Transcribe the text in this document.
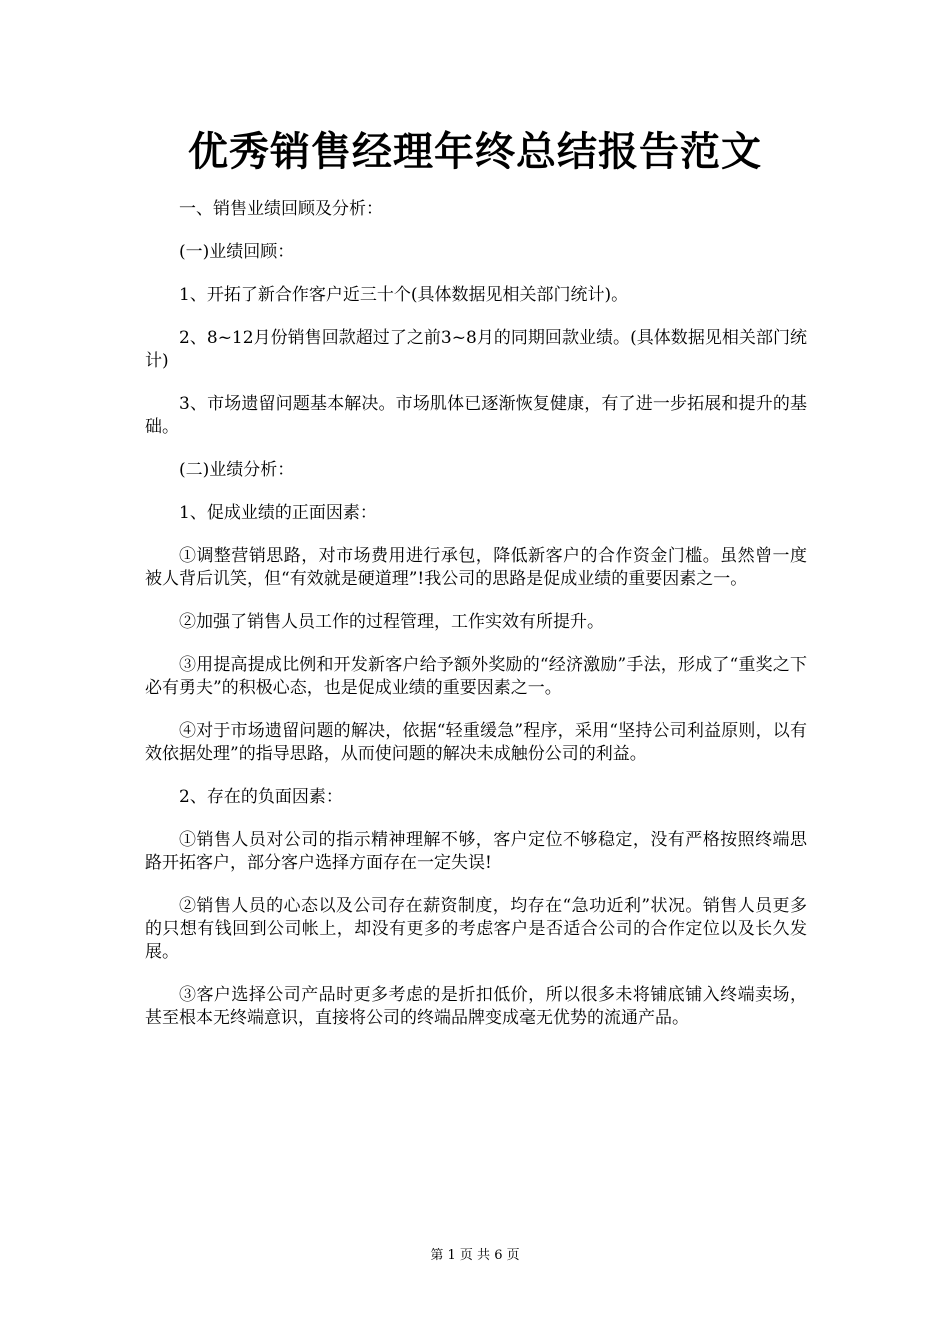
优秀销售经理年终总结报告范文

一、销售业绩回顾及分析：

(一)业绩回顾：

1、开拓了新合作客户近三十个(具体数据见相关部门统计)。

2、8~12月份销售回款超过了之前3~8月的同期回款业绩。(具体数据见相关部门统计)

3、市场遗留问题基本解决。市场肌体已逐渐恢复健康，有了进一步拓展和提升的基础。

(二)业绩分析：

1、促成业绩的正面因素：

①调整营销思路，对市场费用进行承包，降低新客户的合作资金门槛。虽然曾一度被人背后讥笑，但“有效就是硬道理”!我公司的思路是促成业绩的重要因素之一。

②加强了销售人员工作的过程管理，工作实效有所提升。

③用提高提成比例和开发新客户给予额外奖励的“经济激励”手法，形成了“重奖之下必有勇夫”的积极心态，也是促成业绩的重要因素之一。

④对于市场遗留问题的解决，依据“轻重缓急”程序，采用“坚持公司利益原则，以有效依据处理”的指导思路，从而使问题的解决未成触份公司的利益。

2、存在的负面因素：

①销售人员对公司的指示精神理解不够，客户定位不够稳定，没有严格按照终端思路开拓客户，部分客户选择方面存在一定失误!

②销售人员的心态以及公司存在薪资制度，均存在“急功近利”状况。销售人员更多的只想有钱回到公司帐上，却没有更多的考虑客户是否适合公司的合作定位以及长久发展。

③客户选择公司产品时更多考虑的是折扣低价，所以很多未将铺底铺入终端卖场，甚至根本无终端意识，直接将公司的终端品牌变成毫无优势的流通产品。

第 1 页 共 6 页
